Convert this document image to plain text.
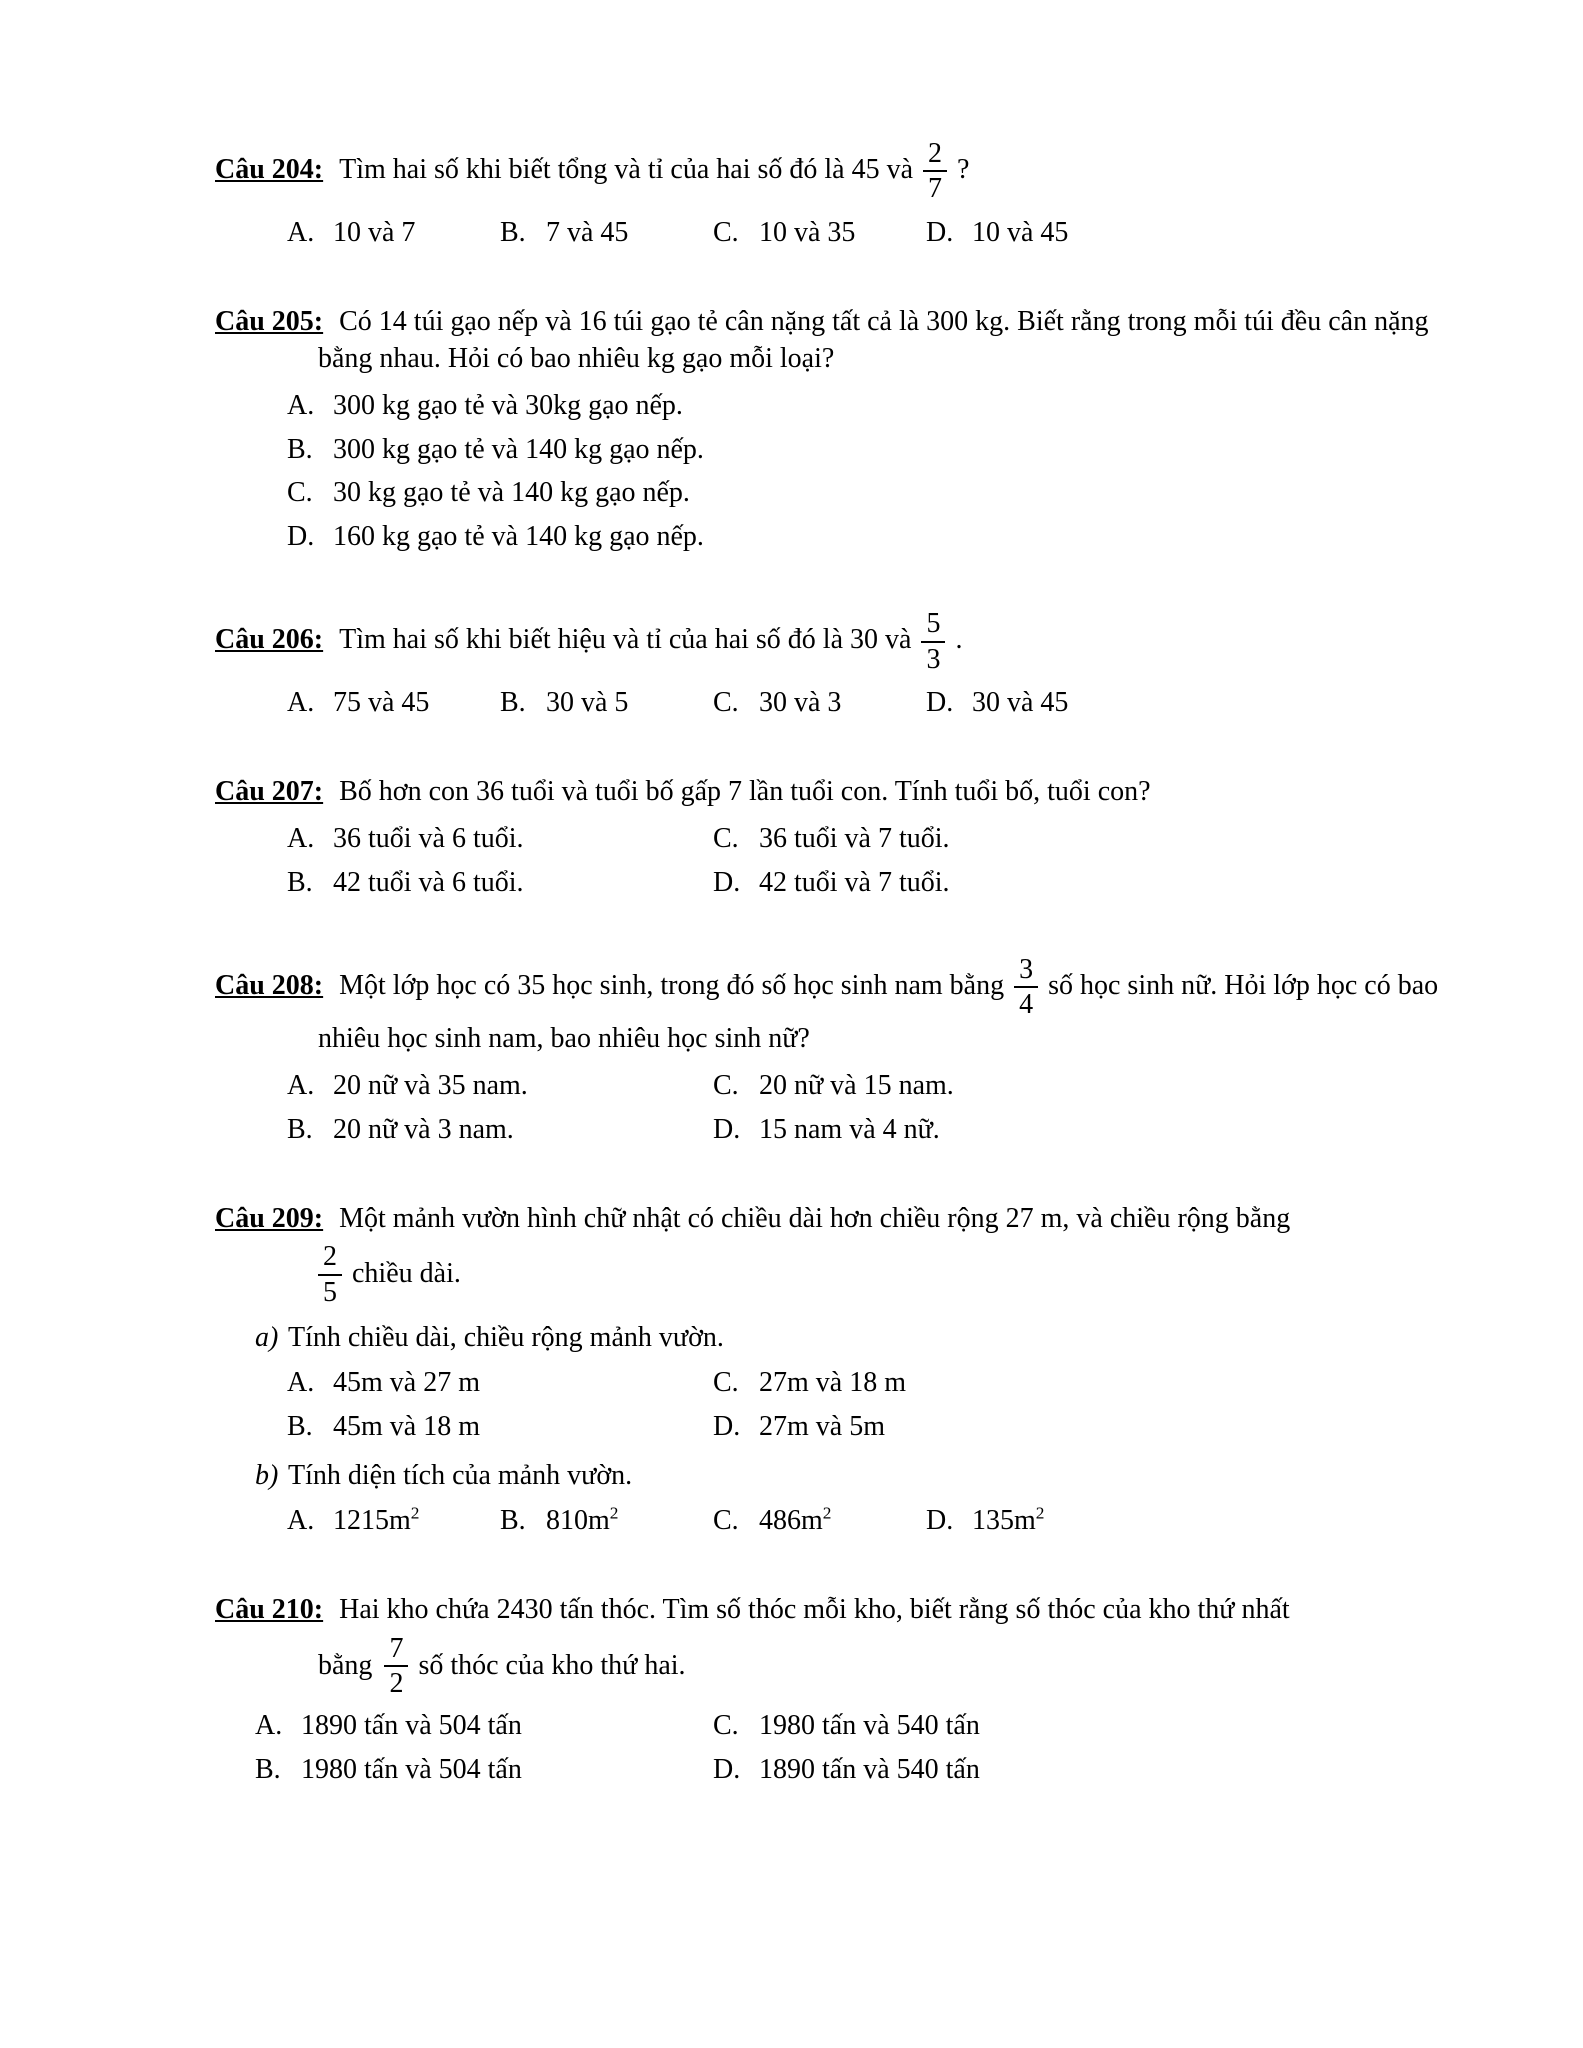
Câu 204: Tìm hai số khi biết tổng và tỉ của hai số đó là 45 và $\frac{2}{7}$ ?

A. 10 và 7	B. 7 và 45	C. 10 và 35	D. 10 và 45

Câu 205: Có 14 túi gạo nếp và 16 túi gạo tẻ cân nặng tất cả là 300 kg. Biết rằng trong mỗi túi đều cân nặng bằng nhau. Hỏi có bao nhiêu kg gạo mỗi loại?

A. 300 kg gạo tẻ và 30kg gạo nếp.
B. 300 kg gạo tẻ và 140 kg gạo nếp.
C. 30 kg gạo tẻ và 140 kg gạo nếp.
D. 160 kg gạo tẻ và 140 kg gạo nếp.

Câu 206: Tìm hai số khi biết hiệu và tỉ của hai số đó là 30 và $\frac{5}{3}$ .

A. 75 và 45	B. 30 và 5	C. 30 và 3	D. 30 và 45

Câu 207: Bố hơn con 36 tuổi và tuổi bố gấp 7 lần tuổi con. Tính tuổi bố, tuổi con?

A. 36 tuổi và 6 tuổi.	C. 36 tuổi và 7 tuổi.
B. 42 tuổi và 6 tuổi.	D. 42 tuổi và 7 tuổi.

Câu 208: Một lớp học có 35 học sinh, trong đó số học sinh nam bằng $\frac{3}{4}$ số học sinh nữ. Hỏi lớp học có bao nhiêu học sinh nam, bao nhiêu học sinh nữ?

A. 20 nữ và 35 nam.	C. 20 nữ và 15 nam.
B. 20 nữ và 3 nam.	D. 15 nam và 4 nữ.

Câu 209: Một mảnh vườn hình chữ nhật có chiều dài hơn chiều rộng 27 m, và chiều rộng bằng

$\frac{2}{5}$ chiều dài.

a) Tính chiều dài, chiều rộng mảnh vườn.

A. 45m và 27 m	C. 27m và 18 m
B. 45m và 18 m	D. 27m và 5m

b) Tính diện tích của mảnh vườn.

A. $1215m^2$	B. $810m^2$	C. $486m^2$	D. $135m^2$

Câu 210: Hai kho chứa 2430 tấn thóc. Tìm số thóc mỗi kho, biết rằng số thóc của kho thứ nhất

bằng $\frac{7}{2}$ số thóc của kho thứ hai.
A. 1890 tấn và 504 tấn	C. 1980 tấn và 540 tấn
B. 1980 tấn và 504 tấn	D. 1890 tấn và 540 tấn
